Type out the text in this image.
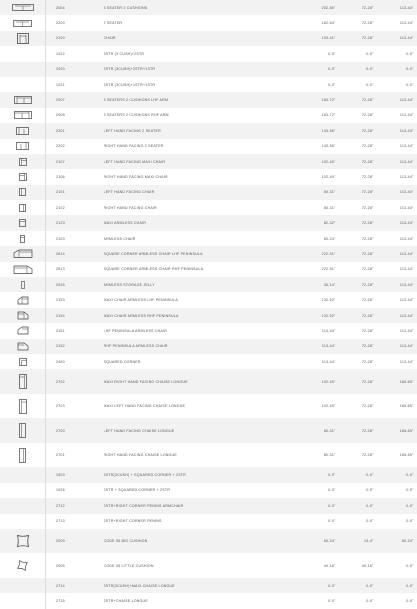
	2004	3 SEATER 2 CUSHIONS	202-80"	72-28"	113-44"

	2200	2 SEATER	162-64"	72-28"	113-44"

	2100	CHAIR	103-41"	72-28"	113-44"
	1022	3STR (3 CUSH)+2STR	0-0"	0-0"	0-0"
	1020	3STR (3CUSH)+2STR+1STR	0-0"	0-0"	0-0"
	1021	3STR (3CUSH)+1STR+1STR	0-0"	0-0"	0-0"

	2007	3 SEATERS 2 CUSHIONS LHF ARM	183-72"	72-28"	113-44"

	2008	3 SEATERS 2 CUSHIONS RHF ARM	183-72"	72-28"	113-44"

	2201	LEFT HAND FACING 2 SEATER	143-56"	72-28"	113-44"

	2202	RIGHT HAND FACING 2 SEATER	143-56"	72-28"	113-44"

	2107	LEFT HAND FACING MAXI CHAIR	102-40"	72-28"	113-44"

	2106	RIGHT HAND FACING MAXI CHAIR	102-40"	72-28"	113-44"

	2101	LEFT HAND FACING CHAIR	80-31"	72-28"	113-44"

	2102	RIGHT HAND FACING CHAIR	80-31"	72-28"	113-44"

	2123	MAXI ARMLESS CHAIR	82-32"	72-28"	113-44"

	2103	ARMLESS CHAIR	60-24"	72-28"	113-44"

	2614	SQUARE CORNER ARMLESS CHAIR LHF PENINSULA	222-91"	72-28"	113-44"

	2613	SQUARE CORNER ARMLESS CHAIR RHF PENINSULA	222-91"	72-28"	113-44"

	2025	ARMLESS STORAGE JELLY	36-14"	72-28"	113-44"

	2153	MAXI CHAIR ARMLESS LHF PENINSULA	132-52"	72-28"	113-44"

	2154	MAXI CHAIR ARMLESS RHF PENINSULA	132-52"	72-28"	113-44"

	2151	LHF PENINSULA ARMLESS CHAIR	113-44"	72-28"	113-44"

	2152	RHF PENINSULA ARMLESS CHAIR	113-44"	72-28"	113-44"

	2450	SQUARED CORNER	113-44"	72-28"	113-44"

	2702	MAXI RIGHT HAND FACING CHAISE LONGUE	102-40"	72-28"	165-65"

	2703	MAXI LEFT HAND FACING CHAISE LONGUE	102-40"	72-28"	165-65"

	2700	LEFT HAND FACING CHAISE LONGUE	80-31"	72-28"	165-65"

	2701	RIGHT HAND FACING CHAISE LONGUE	80-31"	72-28"	165-65"
	1503	3STR(3CUSH) + SQUARED CORNER + 2STR	0-0"	0-0"	0-0"
	1026	2STR + SQUARED CORNER + 2STR	0-0"	0-0"	0-0"
	2712	2STR+RIGHT CORNER PENINS ARMCHAIR	0-0"	0-0"	0-0"
	2713	2STR+RIGHT CORNER PENINS	0-0"	0-0"	0-0"

	2009	CODE 05 BIG CUSHION	60-24"	19-4"	60-24"

	2005	CODE 05 LITTLE CUSHION	40-16"	40-16"	0-0"
	2714	3STR(3CUSH)+MAXI-CHAISE LONGUE	0-0"	0-0"	0-0"
	2715	2STR+CHAISE LONGUE	0-0"	0-0"	0-0"
